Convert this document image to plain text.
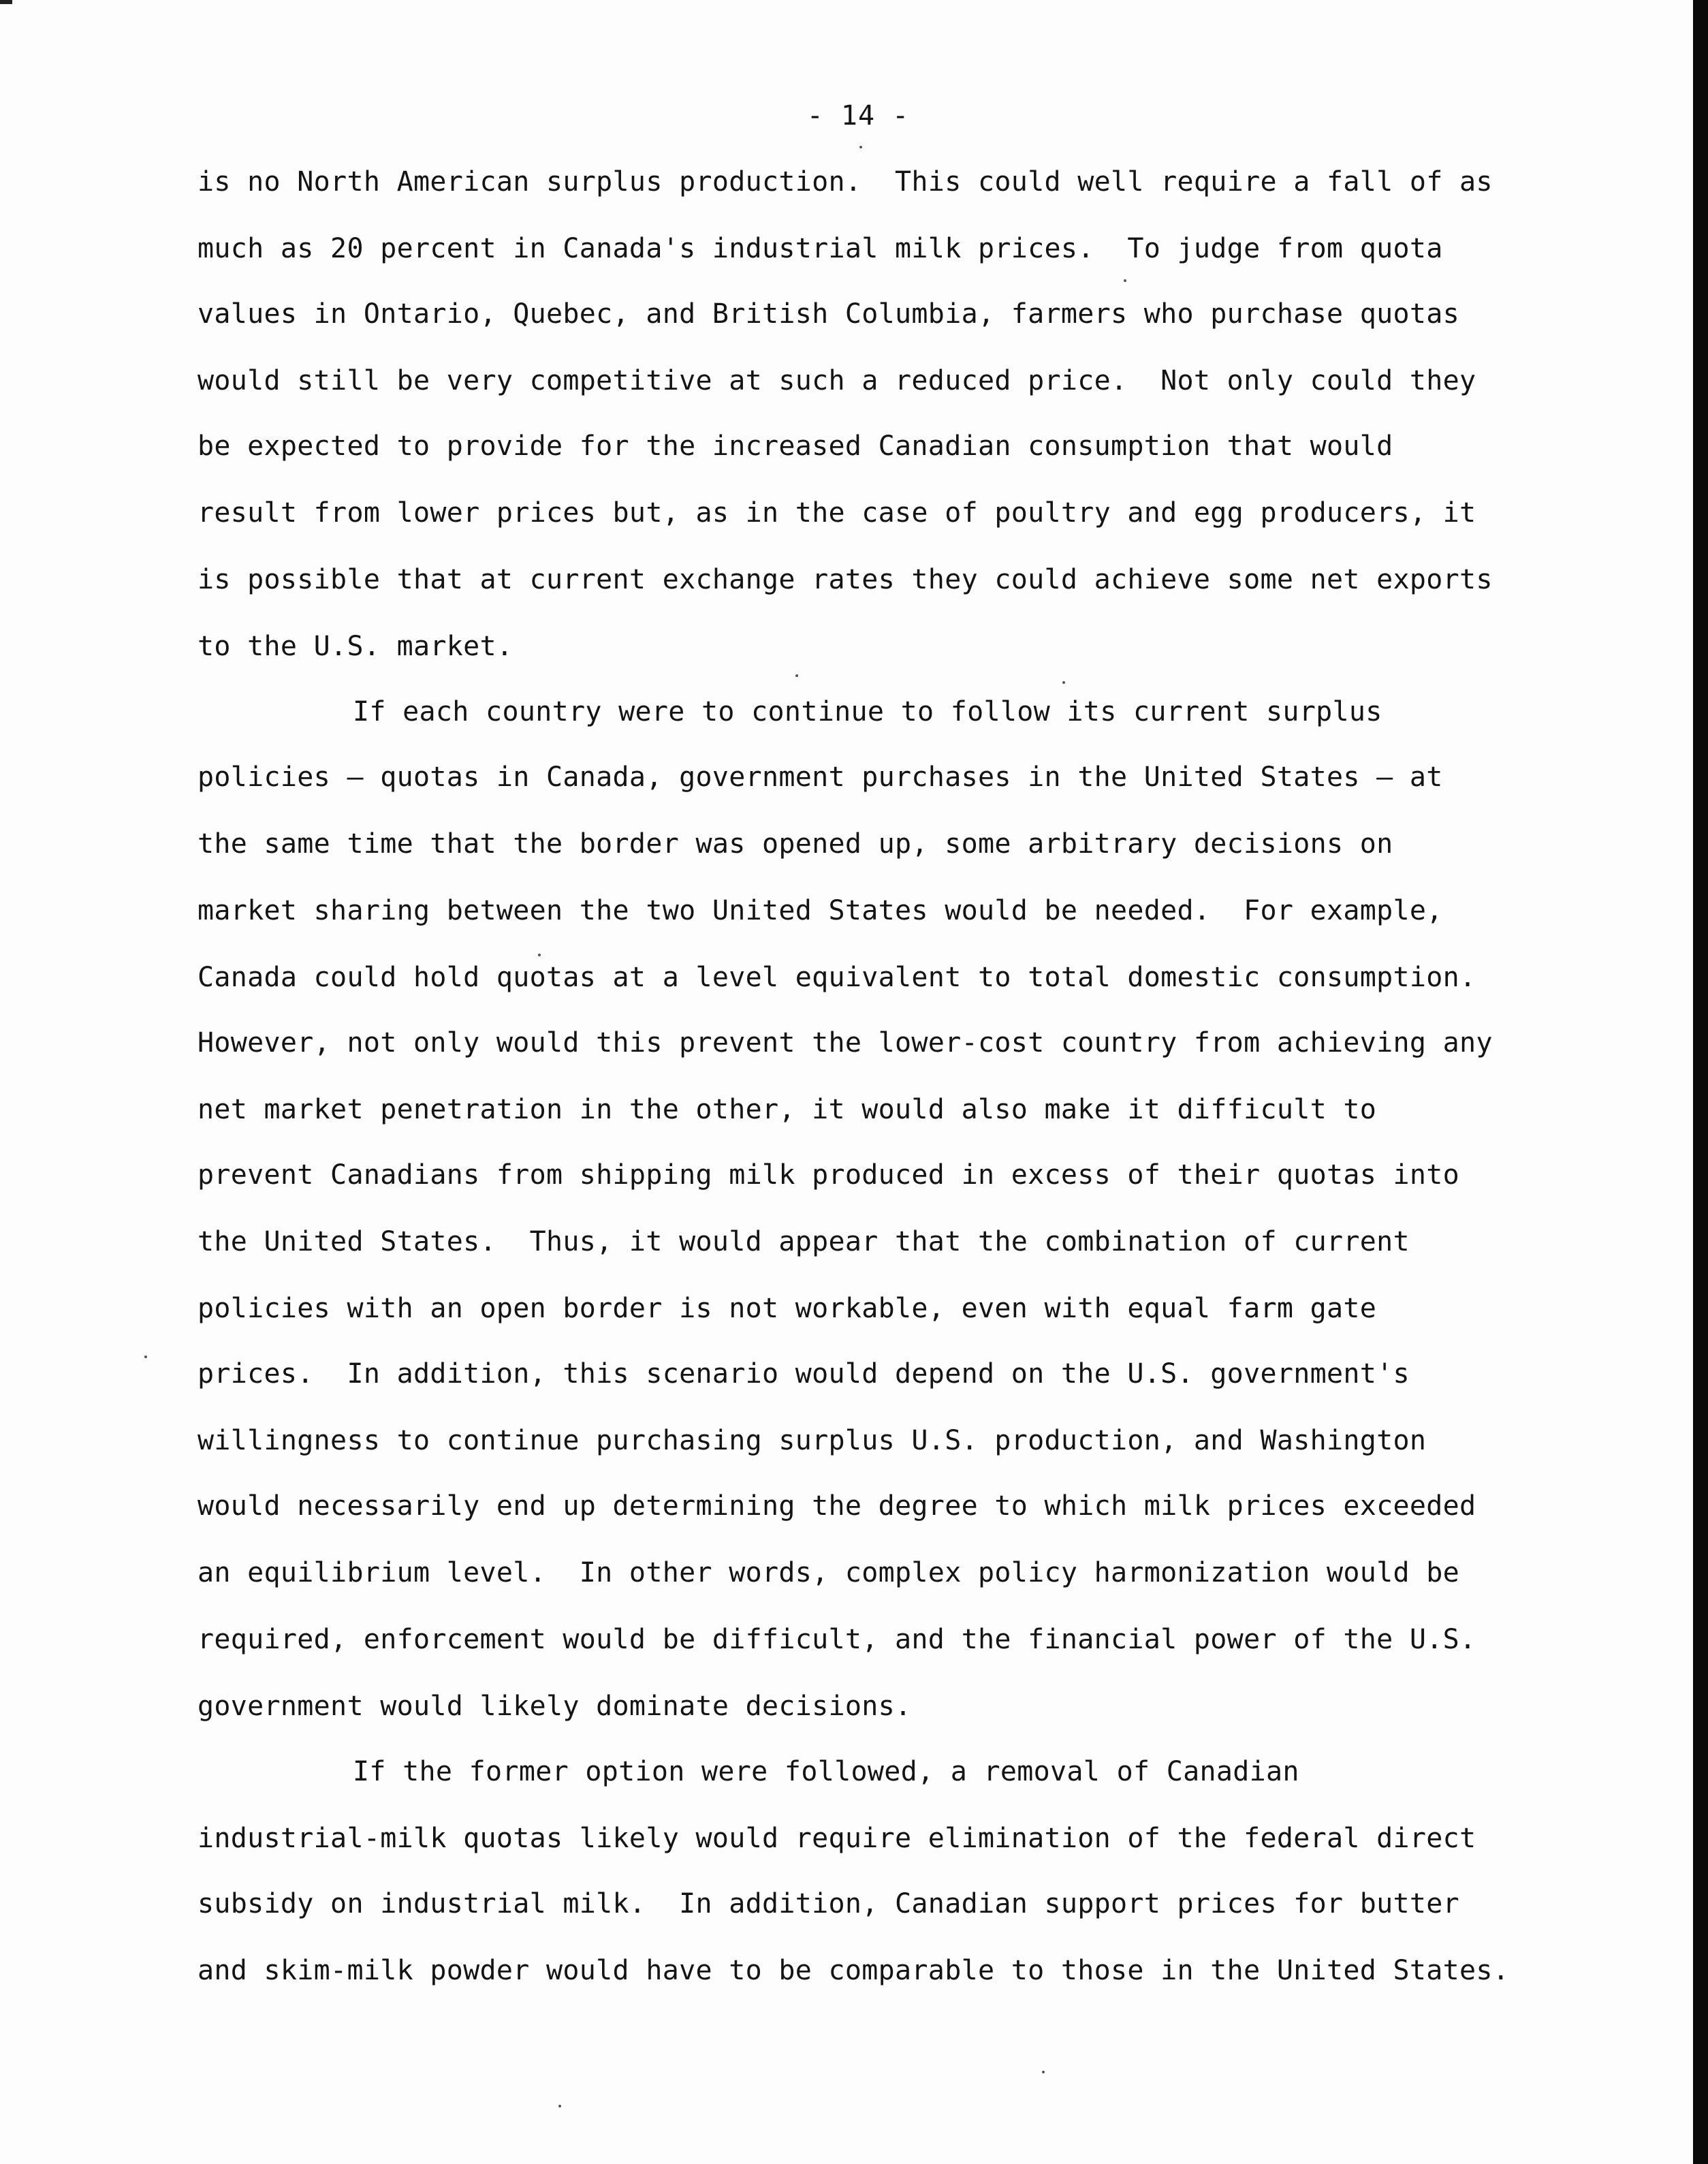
- 14 -
is no North American surplus production.  This could well require a fall of as
much as 20 percent in Canada's industrial milk prices.  To judge from quota
values in Ontario, Quebec, and British Columbia, farmers who purchase quotas
would still be very competitive at such a reduced price.  Not only could they
be expected to provide for the increased Canadian consumption that would
result from lower prices but, as in the case of poultry and egg producers, it
is possible that at current exchange rates they could achieve some net exports
to the U.S. market.
If each country were to continue to follow its current surplus
policies — quotas in Canada, government purchases in the United States — at
the same time that the border was opened up, some arbitrary decisions on
market sharing between the two United States would be needed.  For example,
Canada could hold quotas at a level equivalent to total domestic consumption.
However, not only would this prevent the lower-cost country from achieving any
net market penetration in the other, it would also make it difficult to
prevent Canadians from shipping milk produced in excess of their quotas into
the United States.  Thus, it would appear that the combination of current
policies with an open border is not workable, even with equal farm gate
prices.  In addition, this scenario would depend on the U.S. government's
willingness to continue purchasing surplus U.S. production, and Washington
would necessarily end up determining the degree to which milk prices exceeded
an equilibrium level.  In other words, complex policy harmonization would be
required, enforcement would be difficult, and the financial power of the U.S.
government would likely dominate decisions.
If the former option were followed, a removal of Canadian
industrial-milk quotas likely would require elimination of the federal direct
subsidy on industrial milk.  In addition, Canadian support prices for butter
and skim-milk powder would have to be comparable to those in the United States.
